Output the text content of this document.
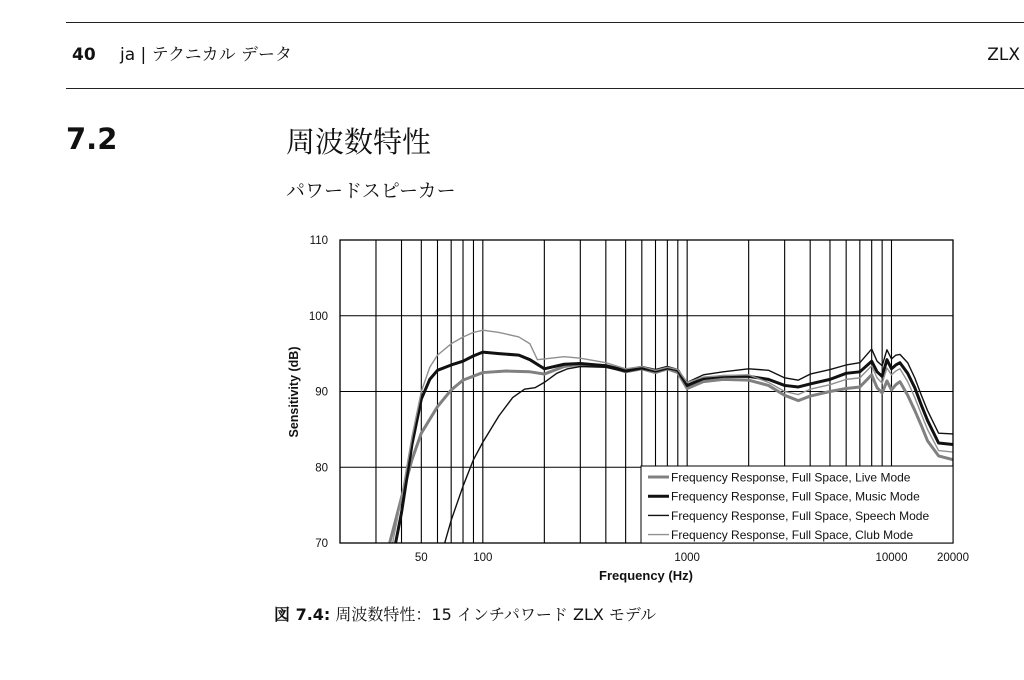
40 ja | テクニカル データ	ZLX
7.2	周波数特性
パワードスピーカー
70
80
90
100
110
50	100	1000	10000	20000
Frequency Response, Full Space, Live Mode
Frequency Response, Full Space, Music Mode
Frequency Response, Full Space, Speech Mode
Frequency Response, Full Space, Club Mode
Frequency (Hz)
Sensitivity (dB)
図 7.4: 周波数特性：15 インチパワード ZLX モデル
